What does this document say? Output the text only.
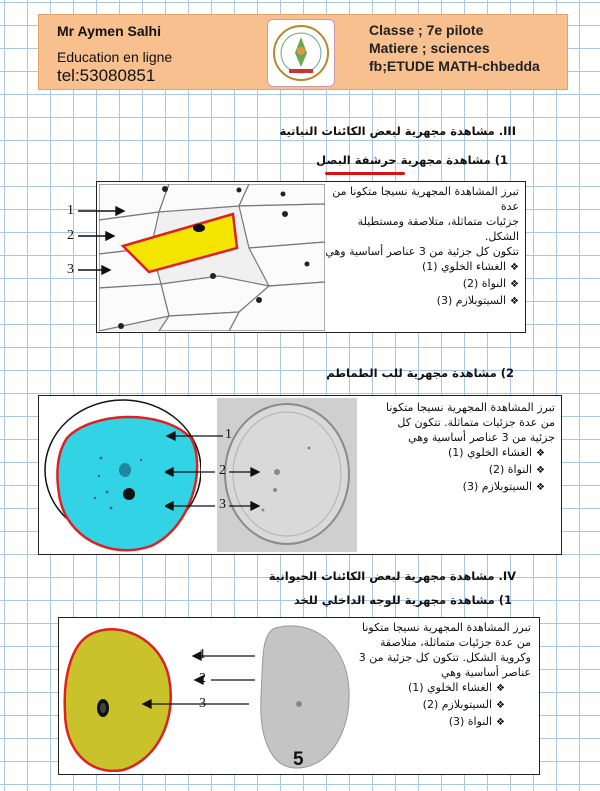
Mr Aymen Salhi
Education en ligne
tel:53080851
Classe ; 7e pilote
Matiere ; sciences
fb;ETUDE MATH-chbedda
III. مشاهدة مجهرية لبعض الكائنات النباتية
1) مشاهدة مجهرية حرشفة البصل
تبرز المشاهدة المجهرية نسيجا متكونا من عدة
جزئيات متماثلة، متلاصقة ومستطيلة الشكل.
تتكون كل جزئية من 3 عناصر أساسية وهي
❖الغشاء الخلوي (1)
❖النواة (2)
❖السيتوبلازم (3)
1
2
3
2) مشاهدة مجهرية للب الطماطم
تبرز المشاهدة المجهرية نسيجا متكونا
من عدة جزئيات متماثلة. تتكون كل
جزئية من 3 عناصر أساسية وهي
❖الغشاء الخلوي (1)
❖النواة (2)
❖السيتوبلازم (3)
1
2
3
IV. مشاهدة مجهرية لبعض الكائنات الحيوانية
1) مشاهدة مجهرية للوجه الداخلي للخد
1
2
3
5
تبرز المشاهدة المجهرية نسيجا متكونا
من عدة جزئيات متماثلة، متلاصقة
وكروية الشكل. تتكون كل جزئية من 3
عناصر أساسية وهي
❖الغشاء الخلوي (1)
❖السيتوبلازم (2)
❖النواة (3)
